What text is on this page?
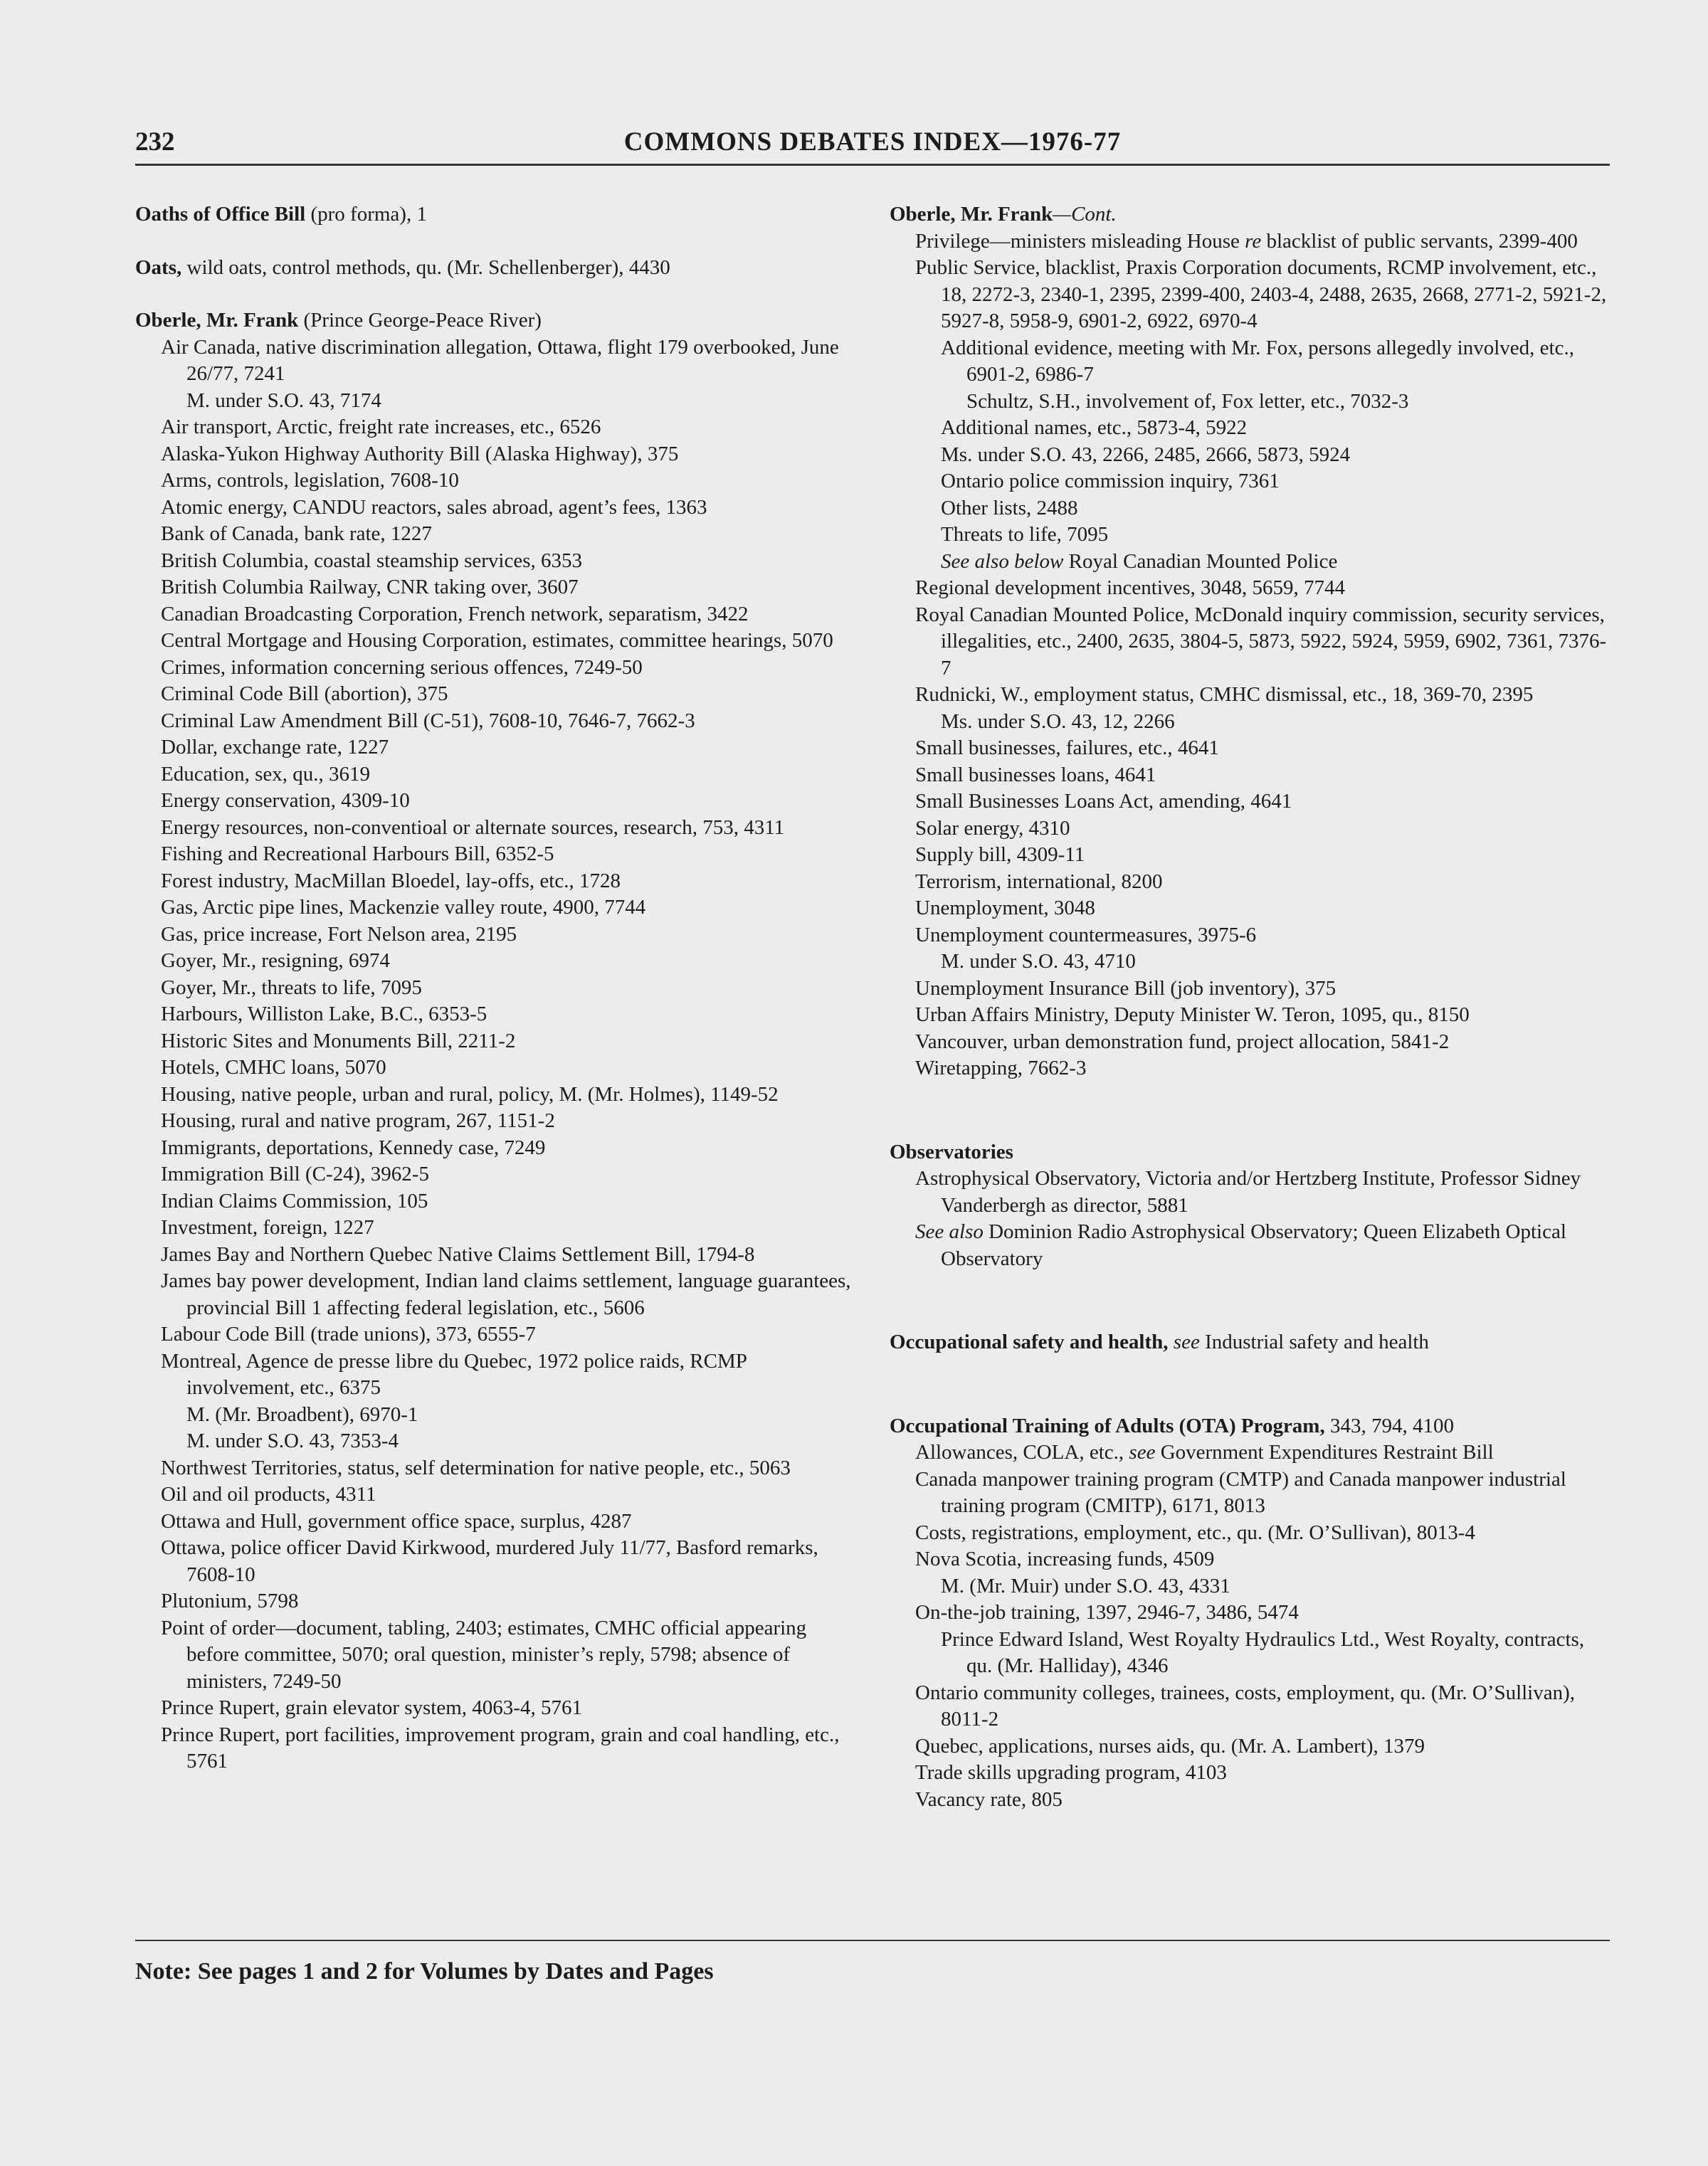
COMMONS DEBATES INDEX—1976-77
232
Oaths of Office Bill (pro forma), 1
Oats, wild oats, control methods, qu. (Mr. Schellenberger), 4430
Oberle, Mr. Frank (Prince George-Peace River)
Air Canada, native discrimination allegation, Ottawa, flight 179 overbooked, June 26/77, 7241
M. under S.O. 43, 7174
Air transport, Arctic, freight rate increases, etc., 6526
Alaska-Yukon Highway Authority Bill (Alaska Highway), 375
Arms, controls, legislation, 7608-10
Atomic energy, CANDU reactors, sales abroad, agent’s fees, 1363
Bank of Canada, bank rate, 1227
British Columbia, coastal steamship services, 6353
British Columbia Railway, CNR taking over, 3607
Canadian Broadcasting Corporation, French network, separatism, 3422
Central Mortgage and Housing Corporation, estimates, committee hearings, 5070
Crimes, information concerning serious offences, 7249-50
Criminal Code Bill (abortion), 375
Criminal Law Amendment Bill (C-51), 7608-10, 7646-7, 7662-3
Dollar, exchange rate, 1227
Education, sex, qu., 3619
Energy conservation, 4309-10
Energy resources, non-conventioal or alternate sources, research, 753, 4311
Fishing and Recreational Harbours Bill, 6352-5
Forest industry, MacMillan Bloedel, lay-offs, etc., 1728
Gas, Arctic pipe lines, Mackenzie valley route, 4900, 7744
Gas, price increase, Fort Nelson area, 2195
Goyer, Mr., resigning, 6974
Goyer, Mr., threats to life, 7095
Harbours, Williston Lake, B.C., 6353-5
Historic Sites and Monuments Bill, 2211-2
Hotels, CMHC loans, 5070
Housing, native people, urban and rural, policy, M. (Mr. Holmes), 1149-52
Housing, rural and native program, 267, 1151-2
Immigrants, deportations, Kennedy case, 7249
Immigration Bill (C-24), 3962-5
Indian Claims Commission, 105
Investment, foreign, 1227
James Bay and Northern Quebec Native Claims Settlement Bill, 1794-8
James bay power development, Indian land claims settlement, language guarantees, provincial Bill 1 affecting federal legislation, etc., 5606
Labour Code Bill (trade unions), 373, 6555-7
Montreal, Agence de presse libre du Quebec, 1972 police raids, RCMP involvement, etc., 6375
M. (Mr. Broadbent), 6970-1
M. under S.O. 43, 7353-4
Northwest Territories, status, self determination for native people, etc., 5063
Oil and oil products, 4311
Ottawa and Hull, government office space, surplus, 4287
Ottawa, police officer David Kirkwood, murdered July 11/77, Basford remarks, 7608-10
Plutonium, 5798
Point of order—document, tabling, 2403; estimates, CMHC official appearing before committee, 5070; oral question, minister’s reply, 5798; absence of ministers, 7249-50
Prince Rupert, grain elevator system, 4063-4, 5761
Prince Rupert, port facilities, improvement program, grain and coal handling, etc., 5761
Oberle, Mr. Frank—Cont.
Privilege—ministers misleading House re blacklist of public servants, 2399-400
Public Service, blacklist, Praxis Corporation documents, RCMP involvement, etc., 18, 2272-3, 2340-1, 2395, 2399-400, 2403-4, 2488, 2635, 2668, 2771-2, 5921-2, 5927-8, 5958-9, 6901-2, 6922, 6970-4
Additional evidence, meeting with Mr. Fox, persons allegedly involved, etc., 6901-2, 6986-7
Schultz, S.H., involvement of, Fox letter, etc., 7032-3
Additional names, etc., 5873-4, 5922
Ms. under S.O. 43, 2266, 2485, 2666, 5873, 5924
Ontario police commission inquiry, 7361
Other lists, 2488
Threats to life, 7095
See also below Royal Canadian Mounted Police
Regional development incentives, 3048, 5659, 7744
Royal Canadian Mounted Police, McDonald inquiry commission, security services, illegalities, etc., 2400, 2635, 3804-5, 5873, 5922, 5924, 5959, 6902, 7361, 7376-7
Rudnicki, W., employment status, CMHC dismissal, etc., 18, 369-70, 2395
Ms. under S.O. 43, 12, 2266
Small businesses, failures, etc., 4641
Small businesses loans, 4641
Small Businesses Loans Act, amending, 4641
Solar energy, 4310
Supply bill, 4309-11
Terrorism, international, 8200
Unemployment, 3048
Unemployment countermeasures, 3975-6
M. under S.O. 43, 4710
Unemployment Insurance Bill (job inventory), 375
Urban Affairs Ministry, Deputy Minister W. Teron, 1095, qu., 8150
Vancouver, urban demonstration fund, project allocation, 5841-2
Wiretapping, 7662-3
Observatories
Astrophysical Observatory, Victoria and/or Hertzberg Institute, Professor Sidney Vanderbergh as director, 5881
See also Dominion Radio Astrophysical Observatory; Queen Elizabeth Optical Observatory
Occupational safety and health, see Industrial safety and health
Occupational Training of Adults (OTA) Program, 343, 794, 4100
Allowances, COLA, etc., see Government Expenditures Restraint Bill
Canada manpower training program (CMTP) and Canada manpower industrial training program (CMITP), 6171, 8013
Costs, registrations, employment, etc., qu. (Mr. O’Sullivan), 8013-4
Nova Scotia, increasing funds, 4509
M. (Mr. Muir) under S.O. 43, 4331
On-the-job training, 1397, 2946-7, 3486, 5474
Prince Edward Island, West Royalty Hydraulics Ltd., West Royalty, contracts, qu. (Mr. Halliday), 4346
Ontario community colleges, trainees, costs, employment, qu. (Mr. O’Sullivan), 8011-2
Quebec, applications, nurses aids, qu. (Mr. A. Lambert), 1379
Trade skills upgrading program, 4103
Vacancy rate, 805
Note: See pages 1 and 2 for Volumes by Dates and Pages
